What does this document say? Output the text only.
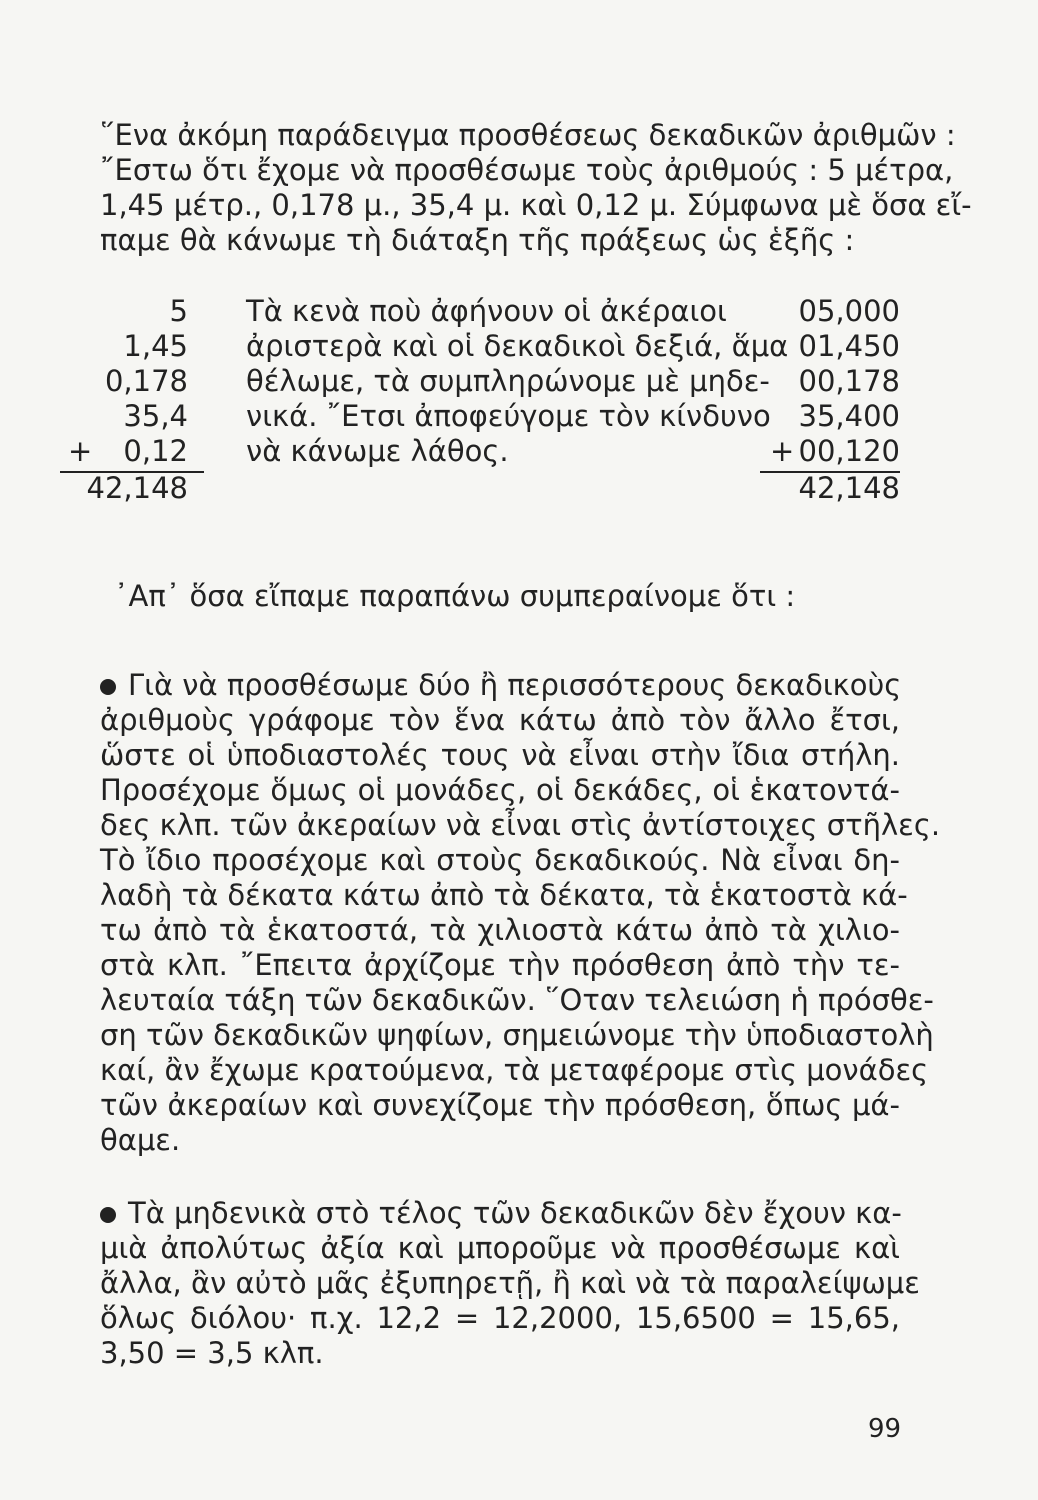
῞Ενα ἀκόμη παράδειγμα προσθέσεως δεκαδικῶν ἀριθμῶν :
῎Εστω ὅτι ἔχομε νὰ προσθέσωμε τοὺς ἀριθμούς : 5 μέτρα,
1,45 μέτρ., 0,178 μ., 35,4 μ. καὶ 0,12 μ. Σύμφωνα μὲ ὅσα εἴ-
παμε θὰ κάνωμε τὴ διάταξη τῆς πράξεως ὡς ἑξῆς :

5
1,45
0,178
35,4
0,12
42,148
+
Τὰ κενὰ ποὺ ἀφήνουν οἱ ἀκέραιοι
ἀριστερὰ καὶ οἱ δεκαδικοὶ δεξιά, ἅμα
θέλωμε, τὰ συμπληρώνομε μὲ μηδε-
νικά. ῎Ετσι ἀποφεύγομε τὸν κίνδυνο
νὰ κάνωμε λάθος.
05,000
01,450
00,178
35,400
00,120
42,148
+

᾿Απ᾿ ὅσα εἴπαμε παραπάνω συμπεραίνομε ὅτι :

Γιὰ νὰ προσθέσωμε δύο ἢ περισσότερους δεκαδικοὺς
ἀριθμοὺς γράφομε τὸν ἕνα κάτω ἀπὸ τὸν ἄλλο ἔτσι,
ὥστε οἱ ὑποδιαστολές τους νὰ εἶναι στὴν ἴδια στήλη.
Προσέχομε ὅμως οἱ μονάδες, οἱ δεκάδες, οἱ ἑκατοντά-
δες κλπ. τῶν ἀκεραίων νὰ εἶναι στὶς ἀντίστοιχες στῆλες.
Τὸ ἴδιο προσέχομε καὶ στοὺς δεκαδικούς. Νὰ εἶναι δη-
λαδὴ τὰ δέκατα κάτω ἀπὸ τὰ δέκατα, τὰ ἑκατοστὰ κά-
τω ἀπὸ τὰ ἑκατοστά, τὰ χιλιοστὰ κάτω ἀπὸ τὰ χιλιο-
στὰ κλπ. ῎Επειτα ἀρχίζομε τὴν πρόσθεση ἀπὸ τὴν τε-
λευταία τάξη τῶν δεκαδικῶν. ῞Οταν τελειώση ἡ πρόσθε-
ση τῶν δεκαδικῶν ψηφίων, σημειώνομε τὴν ὑποδιαστολὴ
καί, ἂν ἔχωμε κρατούμενα, τὰ μεταφέρομε στὶς μονάδες
τῶν ἀκεραίων καὶ συνεχίζομε τὴν πρόσθεση, ὅπως μά-
θαμε.

Τὰ μηδενικὰ στὸ τέλος τῶν δεκαδικῶν δὲν ἔχουν κα-
μιὰ ἀπολύτως ἀξία καὶ μποροῦμε νὰ προσθέσωμε καὶ
ἄλλα, ἂν αὐτὸ μᾶς ἐξυπηρετῇ, ἢ καὶ νὰ τὰ παραλείψωμε
ὅλως διόλου· π.χ. 12,2 = 12,2000, 15,6500 = 15,65,
3,50 = 3,5 κλπ.

99
